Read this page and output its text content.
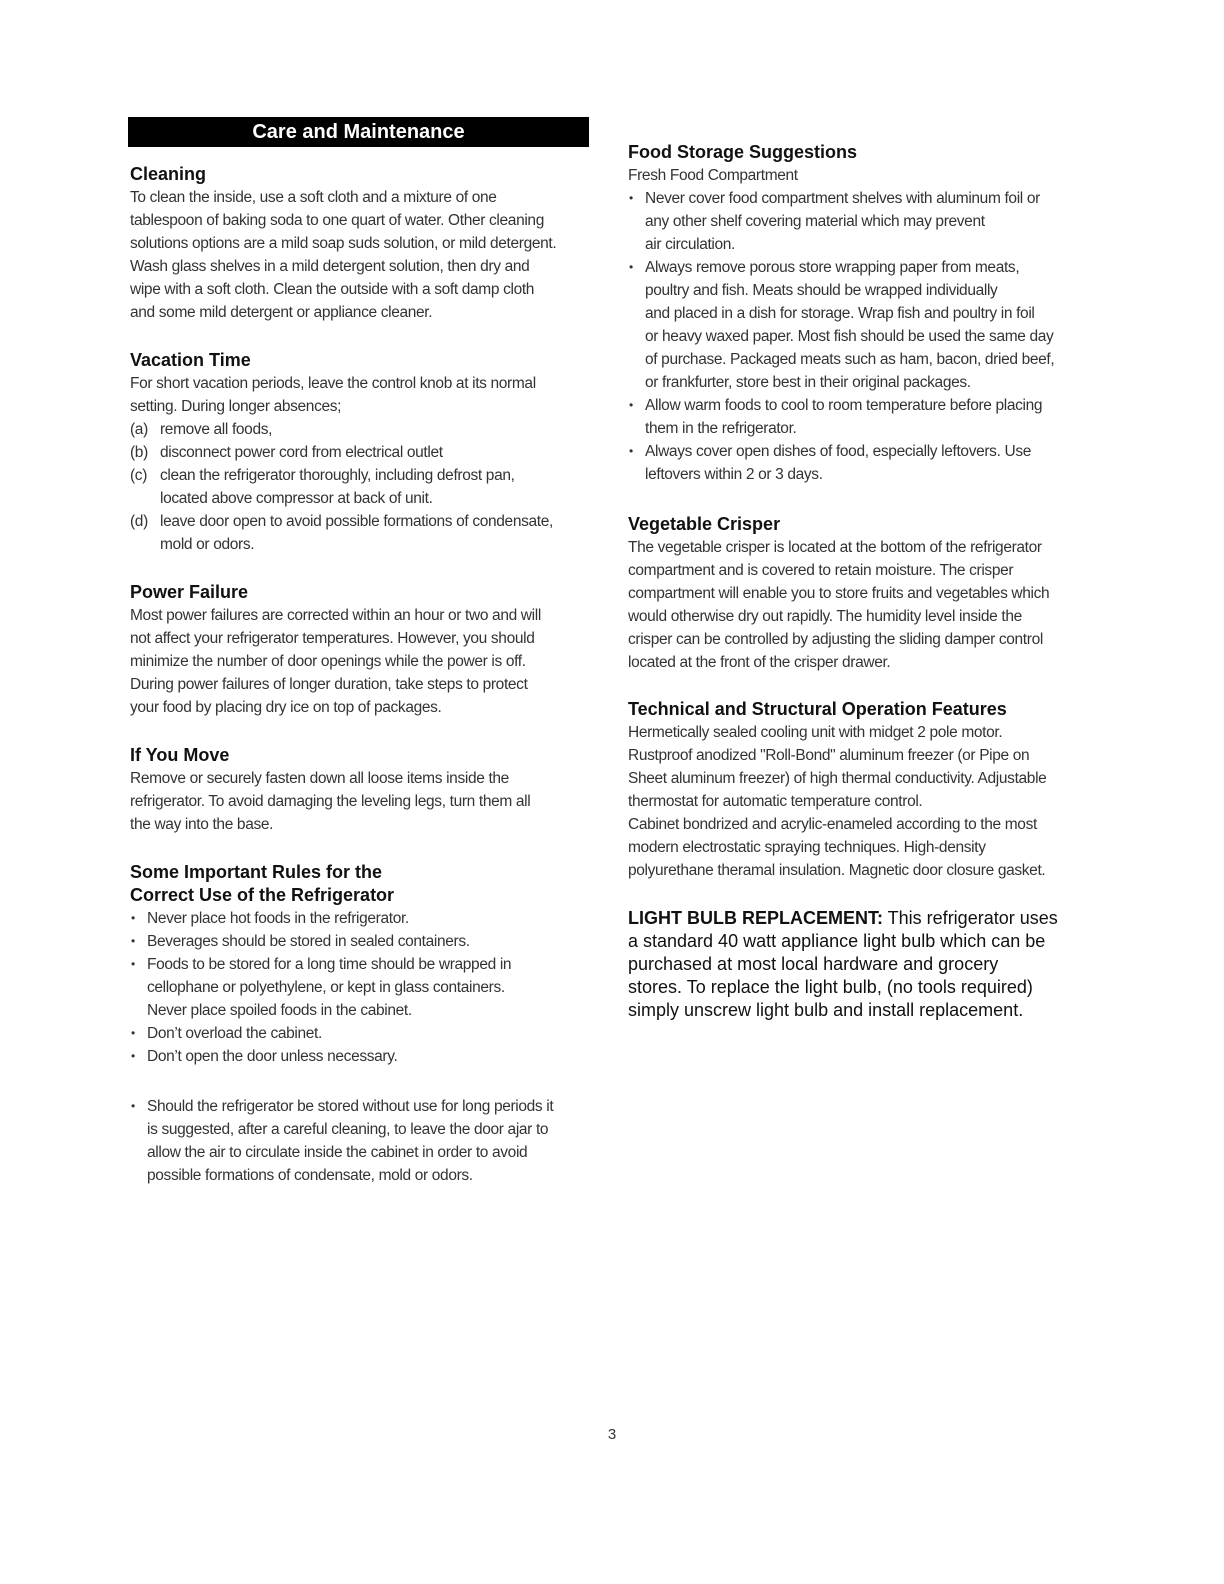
Care and Maintenance
Cleaning
To clean the inside, use a soft cloth and a mixture of one
tablespoon of baking soda to one quart of water. Other cleaning
solutions options are a mild soap suds solution, or mild detergent.
Wash glass shelves in a mild detergent solution, then dry and
wipe with a soft cloth. Clean the outside with a soft damp cloth
and some mild detergent or appliance cleaner.
Vacation Time
For short vacation periods, leave the control knob at its normal
setting. During longer absences;
(a) remove all foods,
(b) disconnect power cord from electrical outlet
(c) clean the refrigerator thoroughly, including defrost pan,
located above compressor at back of unit.
(d) leave door open to avoid possible formations of condensate,
mold or odors.
Power Failure
Most power failures are corrected within an hour or two and will
not affect your refrigerator temperatures. However, you should
minimize the number of door openings while the power is off.
During power failures of longer duration, take steps to protect
your food by placing dry ice on top of packages.
If You Move
Remove or securely fasten down all loose items inside the
refrigerator. To avoid damaging the leveling legs, turn them all
the way into the base.
Some Important Rules for the
Correct Use of the Refrigerator
• Never place hot foods in the refrigerator.
• Beverages should be stored in sealed containers.
• Foods to be stored for a long time should be wrapped in
cellophane or polyethylene, or kept in glass containers.
Never place spoiled foods in the cabinet.
• Don’t overload the cabinet.
• Don’t open the door unless necessary.
• Should the refrigerator be stored without use for long periods it
is suggested, after a careful cleaning, to leave the door ajar to
allow the air to circulate inside the cabinet in order to avoid
possible formations of condensate, mold or odors.
Food Storage Suggestions
Fresh Food Compartment
• Never cover food compartment shelves with aluminum foil or
any other shelf covering material which may prevent
air circulation.
• Always remove porous store wrapping paper from meats,
poultry and fish. Meats should be wrapped individually
and placed in a dish for storage. Wrap fish and poultry in foil
or heavy waxed paper. Most fish should be used the same day
of purchase. Packaged meats such as ham, bacon, dried beef,
or frankfurter, store best in their original packages.
• Allow warm foods to cool to room temperature before placing
them in the refrigerator.
• Always cover open dishes of food, especially leftovers. Use
leftovers within 2 or 3 days.
Vegetable Crisper
The vegetable crisper is located at the bottom of the refrigerator
compartment and is covered to retain moisture. The crisper
compartment will enable you to store fruits and vegetables which
would otherwise dry out rapidly. The humidity level inside the
crisper can be controlled by adjusting the sliding damper control
located at the front of the crisper drawer.
Technical and Structural Operation Features
Hermetically sealed cooling unit with midget 2 pole motor.
Rustproof anodized "Roll-Bond" aluminum freezer (or Pipe on
Sheet aluminum freezer) of high thermal conductivity. Adjustable
thermostat for automatic temperature control.
Cabinet bondrized and acrylic-enameled according to the most
modern electrostatic spraying techniques. High-density
polyurethane theramal insulation. Magnetic door closure gasket.
LIGHT BULB REPLACEMENT: This refrigerator uses
a standard 40 watt appliance light bulb which can be
purchased at most local hardware and grocery
stores. To replace the light bulb, (no tools required)
simply unscrew light bulb and install replacement.
3
